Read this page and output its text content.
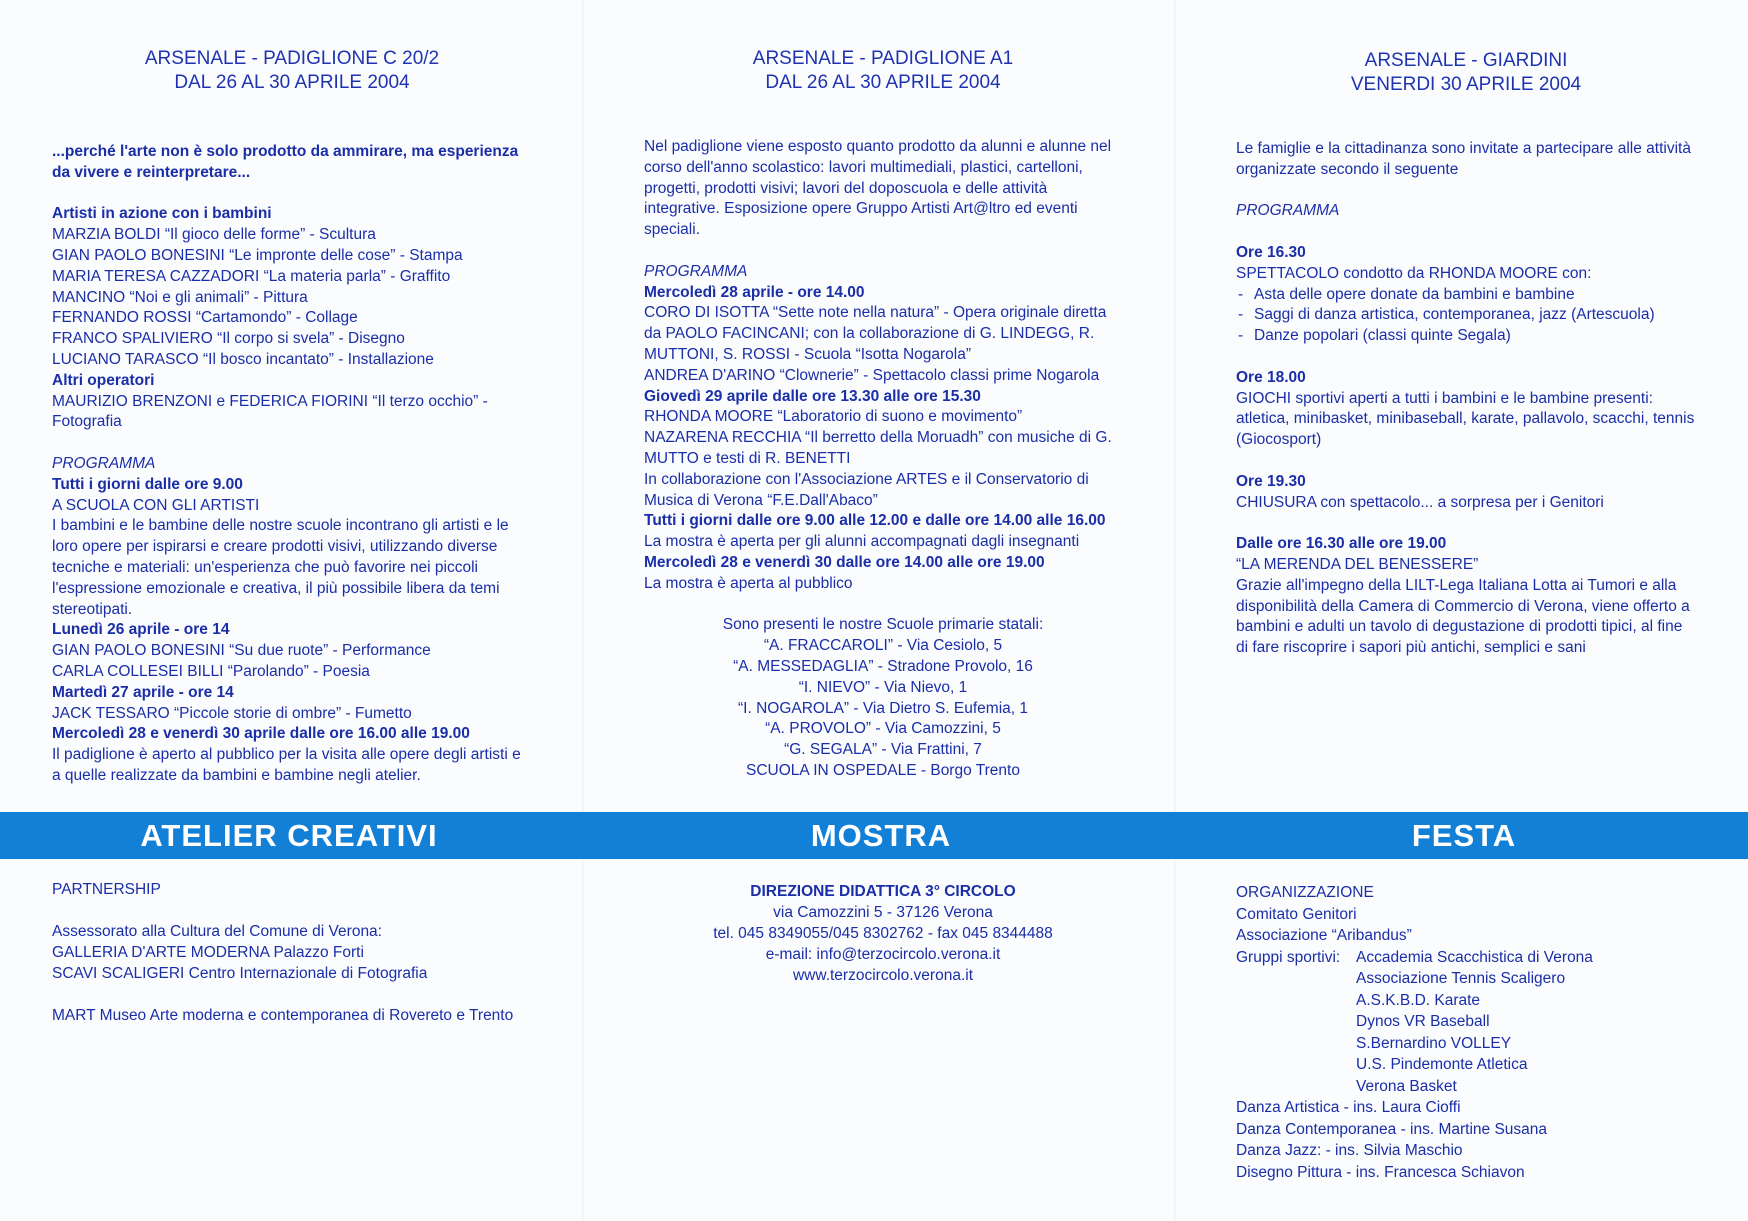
ARSENALE - PADIGLIONE C 20/2
DAL 26 AL 30 APRILE 2004

...perché l'arte non è solo prodotto da ammirare, ma esperienza da vivere e reinterpretare...

Artisti in azione con i bambini
MARZIA BOLDI “Il gioco delle forme” - Scultura
GIAN PAOLO BONESINI “Le impronte delle cose” - Stampa
MARIA TERESA CAZZADORI “La materia parla” - Graffito
MANCINO “Noi e gli animali” - Pittura
FERNANDO ROSSI “Cartamondo” - Collage
FRANCO SPALIVIERO “Il corpo si svela” - Disegno
LUCIANO TARASCO “Il bosco incantato” - Installazione
Altri operatori
MAURIZIO BRENZONI e FEDERICA FIORINI “Il terzo occhio” - Fotografia
PROGRAMMA
Tutti i giorni dalle ore 9.00
A SCUOLA CON GLI ARTISTI

I bambini e le bambine delle nostre scuole incontrano gli artisti e le loro opere per ispirarsi e creare prodotti visivi, utilizzando diverse tecniche e materiali: un'esperienza che può favorire nei piccoli l'espressione emozionale e creativa, il più possibile libera da temi stereotipati.

Lunedì 26 aprile - ore 14
GIAN PAOLO BONESINI “Su due ruote” - Performance
CARLA COLLESEI BILLI “Parolando” - Poesia
Martedì 27 aprile - ore 14
JACK TESSARO “Piccole storie di ombre” - Fumetto
Mercoledì 28 e venerdì 30 aprile dalle ore 16.00 alle 19.00

Il padiglione è aperto al pubblico per la visita alle opere degli artisti e a quelle realizzate da bambini e bambine negli atelier.

ARSENALE - PADIGLIONE A1
DAL 26 AL 30 APRILE 2004

Nel padiglione viene esposto quanto prodotto da alunni e alunne nel corso dell'anno scolastico: lavori multimediali, plastici, cartelloni, progetti, prodotti visivi; lavori del doposcuola e delle attività integrative. Esposizione opere Gruppo Artisti Art@ltro ed eventi speciali.

PROGRAMMA
Mercoledì 28 aprile - ore 14.00

CORO DI ISOTTA “Sette note nella natura” - Opera originale diretta da PAOLO FACINCANI; con la collaborazione di G. LINDEGG, R. MUTTONI, S. ROSSI - Scuola “Isotta Nogarola”

ANDREA D'ARINO “Clownerie” - Spettacolo classi prime Nogarola
Giovedì 29 aprile dalle ore 13.30 alle ore 15.30
RHONDA MOORE “Laboratorio di suono e movimento”

NAZARENA RECCHIA “Il berretto della Moruadh” con musiche di G. MUTTO e testi di R. BENETTI

In collaborazione con l'Associazione ARTES e il Conservatorio di Musica di Verona “F.E.Dall'Abaco”

Tutti i giorni dalle ore 9.00 alle 12.00 e dalle ore 14.00 alle 16.00
La mostra è aperta per gli alunni accompagnati dagli insegnanti
Mercoledì 28 e venerdì 30 dalle ore 14.00 alle ore 19.00
La mostra è aperta al pubblico
Sono presenti le nostre Scuole primarie statali:
“A. FRACCAROLI” - Via Cesiolo, 5
“A. MESSEDAGLIA” - Stradone Provolo, 16
“I. NIEVO” - Via Nievo, 1
“I. NOGAROLA” - Via Dietro S. Eufemia, 1
“A. PROVOLO” - Via Camozzini, 5
“G. SEGALA” - Via Frattini, 7
SCUOLA IN OSPEDALE - Borgo Trento
ARSENALE - GIARDINI
VENERDI 30 APRILE 2004

Le famiglie e la cittadinanza sono invitate a partecipare alle attività organizzate secondo il seguente

PROGRAMMA
Ore 16.30
SPETTACOLO condotto da RHONDA MOORE con:
- Asta delle opere donate da bambini e bambine
- Saggi di danza artistica, contemporanea, jazz (Artescuola)
- Danze popolari (classi quinte Segala)
Ore 18.00

GIOCHI sportivi aperti a tutti i bambini e le bambine presenti: atletica, minibasket, minibaseball, karate, pallavolo, scacchi, tennis (Giocosport)

Ore 19.30
CHIUSURA con spettacolo... a sorpresa per i Genitori
Dalle ore 16.30 alle ore 19.00
“LA MERENDA DEL BENESSERE”

Grazie all'impegno della LILT-Lega Italiana Lotta ai Tumori e alla disponibilità della Camera di Commercio di Verona, viene offerto a bambini e adulti un tavolo di degustazione di prodotti tipici, al fine di fare riscoprire i sapori più antichi, semplici e sani

ATELIER CREATIVI	MOSTRA	FESTA
PARTNERSHIP
Assessorato alla Cultura del Comune di Verona:
GALLERIA D'ARTE MODERNA Palazzo Forti
SCAVI SCALIGERI Centro Internazionale di Fotografia
MART Museo Arte moderna e contemporanea di Rovereto e Trento
DIREZIONE DIDATTICA 3° CIRCOLO
via Camozzini 5 - 37126 Verona
tel. 045 8349055/045 8302762 - fax 045 8344488
e-mail: info@terzocircolo.verona.it
www.terzocircolo.verona.it
ORGANIZZAZIONE
Comitato Genitori
Associazione “Aribandus”
Gruppi sportivi:	Accademia Scacchistica di Verona
Associazione Tennis Scaligero
A.S.K.B.D. Karate
Dynos VR Baseball
S.Bernardino VOLLEY
U.S. Pindemonte Atletica
Verona Basket
Danza Artistica - ins. Laura Cioffi
Danza Contemporanea - ins. Martine Susana
Danza Jazz: - ins. Silvia Maschio
Disegno Pittura - ins. Francesca Schiavon
